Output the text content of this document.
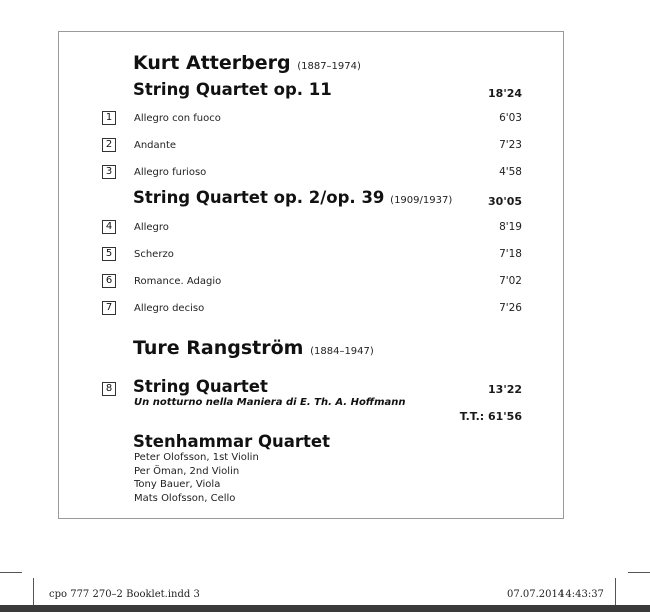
Kurt Atterberg (1887–1974)
String Quartet op. 11	18'24
1	Allegro con fuoco	6'03
2	Andante	7'23
3	Allegro furioso	4'58
String Quartet op. 2/op. 39 (1909/1937)	30'05
4	Allegro	8'19
5	Scherzo	7'18
6	Romance. Adagio	7'02
7	Allegro deciso	7'26
Ture Rangström (1884–1947)
8 String Quartet	13'22
Un notturno nella Maniera di E. Th. A. Hoffmann
T.T.: 61'56
Stenhammar Quartet
Peter Olofsson, 1st Violin
Per Öman, 2nd Violin
Tony Bauer, Viola
Mats Olofsson, Cello
cpo 777 270–2 Booklet.indd 3	07.07.2014
14:43:37
